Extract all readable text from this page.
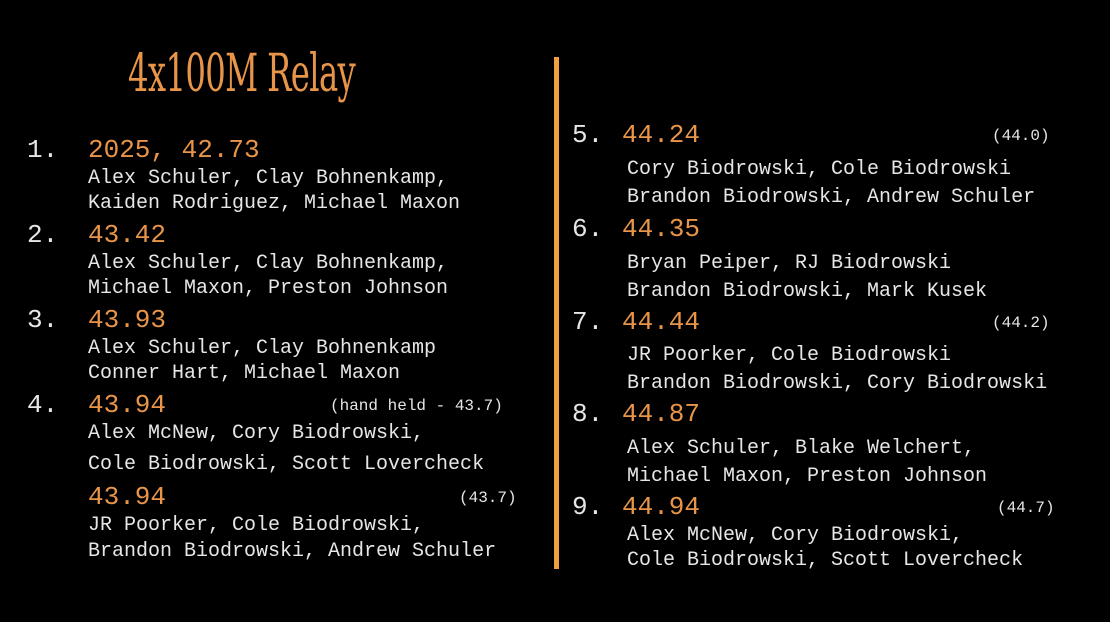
4x100M Relay
1. 2025, 42.73
Alex Schuler, Clay Bohnenkamp,
Kaiden Rodriguez, Michael Maxon
2. 43.42
Alex Schuler, Clay Bohnenkamp,
Michael Maxon, Preston Johnson
3. 43.93
Alex Schuler, Clay Bohnenkamp
Conner Hart, Michael Maxon
4. 43.94	(hand held - 43.7)
Alex McNew, Cory Biodrowski,
Cole Biodrowski, Scott Lovercheck
43.94	(43.7)
JR Poorker, Cole Biodrowski,
Brandon Biodrowski, Andrew Schuler
5. 44.24	(44.0)
Cory Biodrowski, Cole Biodrowski
Brandon Biodrowski, Andrew Schuler
6. 44.35
Bryan Peiper, RJ Biodrowski
Brandon Biodrowski, Mark Kusek
7. 44.44	(44.2)
JR Poorker, Cole Biodrowski
Brandon Biodrowski, Cory Biodrowski
8. 44.87
Alex Schuler, Blake Welchert,
Michael Maxon, Preston Johnson
9. 44.94	(44.7)
Alex McNew, Cory Biodrowski,
Cole Biodrowski, Scott Lovercheck
